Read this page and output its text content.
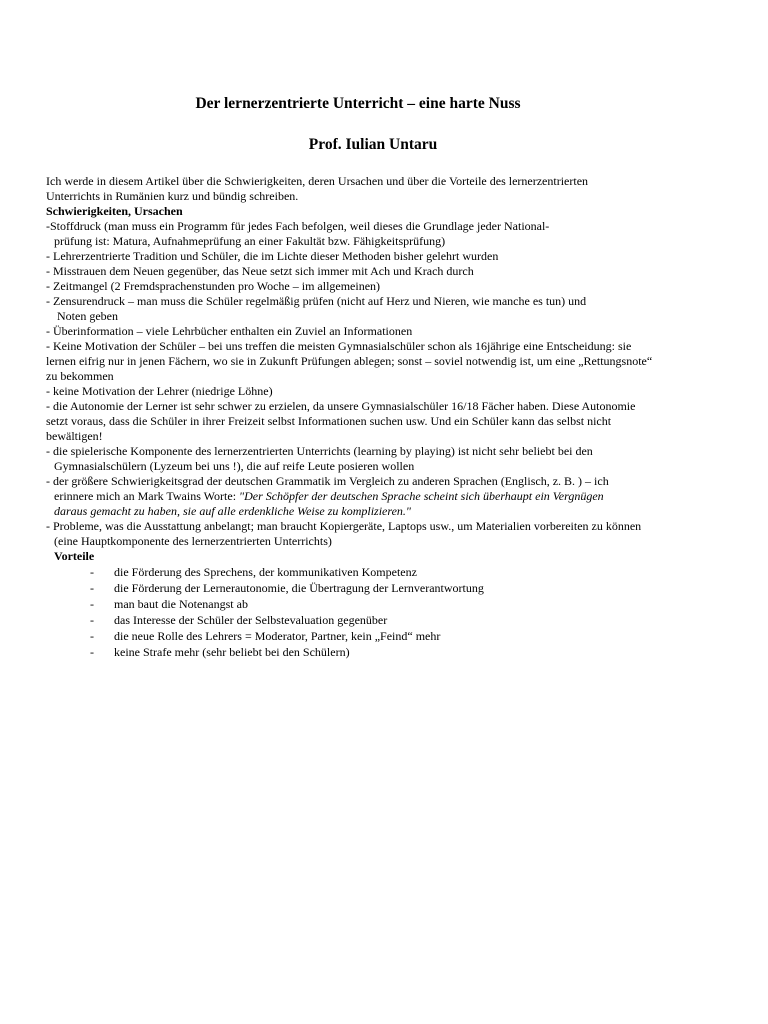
Der lernerzentrierte Unterricht – eine harte Nuss
Prof. Iulian Untaru

Ich werde in diesem Artikel über die Schwierigkeiten, deren Ursachen und über die Vorteile des lernerzentrierten

Unterrichts in Rumänien kurz und bündig schreiben.

Schwierigkeiten, Ursachen

-Stoffdruck (man muss ein Programm für jedes Fach befolgen, weil dieses die Grundlage jeder National-

prüfung ist: Matura, Aufnahmeprüfung an einer Fakultät bzw. Fähigkeitsprüfung)

- Lehrerzentrierte Tradition und Schüler, die im Lichte dieser Methoden bisher gelehrt wurden

- Misstrauen dem Neuen gegenüber, das Neue setzt sich immer mit Ach und Krach durch

- Zeitmangel (2 Fremdsprachenstunden pro Woche – im allgemeinen)

- Zensurendruck – man muss die Schüler regelmäßig prüfen (nicht auf Herz und Nieren, wie manche es tun) und

Noten geben

- Überinformation – viele Lehrbücher enthalten ein Zuviel an Informationen

- Keine Motivation der Schüler – bei uns treffen die meisten Gymnasialschüler schon als 16jährige eine Entscheidung: sie

lernen eifrig nur in jenen Fächern, wo sie in Zukunft Prüfungen ablegen; sonst – soviel notwendig ist, um eine „Rettungsnote“

zu bekommen

- keine Motivation der Lehrer (niedrige Löhne)

- die Autonomie der Lerner ist sehr schwer zu erzielen, da unsere Gymnasialschüler 16/18 Fächer haben. Diese Autonomie

setzt voraus, dass die Schüler in ihrer Freizeit selbst Informationen suchen usw. Und ein Schüler kann das selbst nicht

bewältigen!

- die spielerische Komponente des lernerzentrierten Unterrichts (learning by playing) ist nicht sehr beliebt bei den

Gymnasialschülern (Lyzeum bei uns !), die auf reife Leute posieren wollen

- der größere Schwierigkeitsgrad der deutschen Grammatik im Vergleich zu anderen Sprachen (Englisch, z. B. ) – ich

erinnere mich an Mark Twains Worte: "Der Schöpfer der deutschen Sprache scheint sich überhaupt ein Vergnügen

daraus gemacht zu haben, sie auf alle erdenkliche Weise zu komplizieren."

- Probleme, was die Ausstattung anbelangt; man braucht Kopiergeräte, Laptops usw., um Materialien vorbereiten zu können

(eine Hauptkomponente des lernerzentrierten Unterrichts)

Vorteile

- die Förderung des Sprechens, der kommunikativen Kompetenz
- die Förderung der Lernerautonomie, die Übertragung der Lernverantwortung
- man baut die Notenangst ab
- das Interesse der Schüler der Selbstevaluation gegenüber
- die neue Rolle des Lehrers = Moderator, Partner, kein „Feind“ mehr
- keine Strafe mehr (sehr beliebt bei den Schülern)
